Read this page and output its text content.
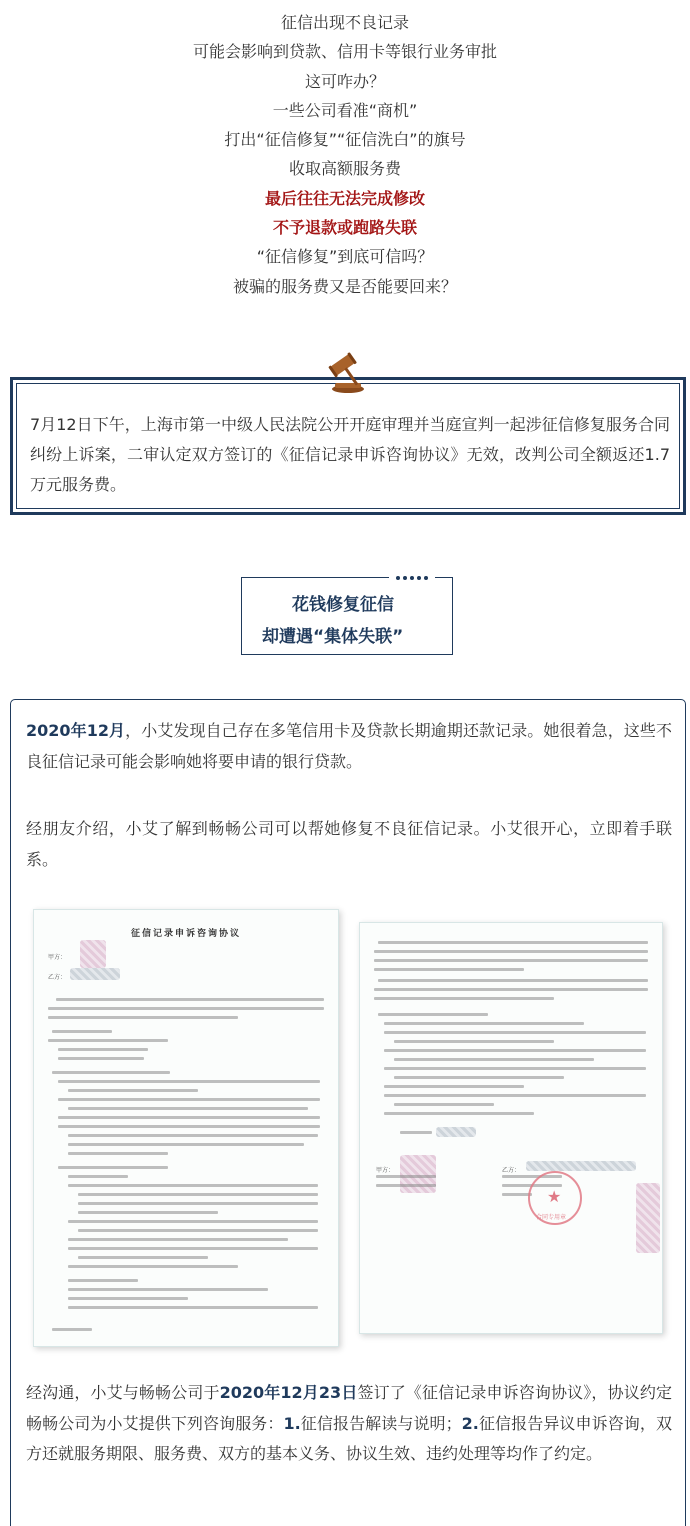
征信出现不良记录
可能会影响到贷款、信用卡等银行业务审批
这可咋办？
一些公司看准“商机”
打出“征信修复”“征信洗白”的旗号
收取高额服务费
最后往往无法完成修改
不予退款或跑路失联
“征信修复”到底可信吗？
被骗的服务费又是否能要回来？

7月12日下午，上海市第一中级人民法院公开开庭审理并当庭宣判一起涉征信修复服务合同纠纷上诉案，二审认定双方签订的《征信记录申诉咨询协议》无效，改判公司全额返还1.7万元服务费。

花钱修复征信
却遭遇“集体失联”
2020年12月，小艾发现自己存在多笔信用卡及贷款长期逾期还款记录。她很着急，这些不良征信记录可能会影响她将要申请的银行贷款。
经朋友介绍，小艾了解到畅畅公司可以帮她修复不良征信记录。小艾很开心，立即着手联系。
征信记录申诉咨询协议
甲方：
乙方：
甲方：	乙方：
★
合同专用章
经沟通，小艾与畅畅公司于2020年12月23日签订了《征信记录申诉咨询协议》，协议约定畅畅公司为小艾提供下列咨询服务：1.征信报告解读与说明；2.征信报告异议申诉咨询，双方还就服务期限、服务费、双方的基本义务、协议生效、违约处理等均作了约定。
